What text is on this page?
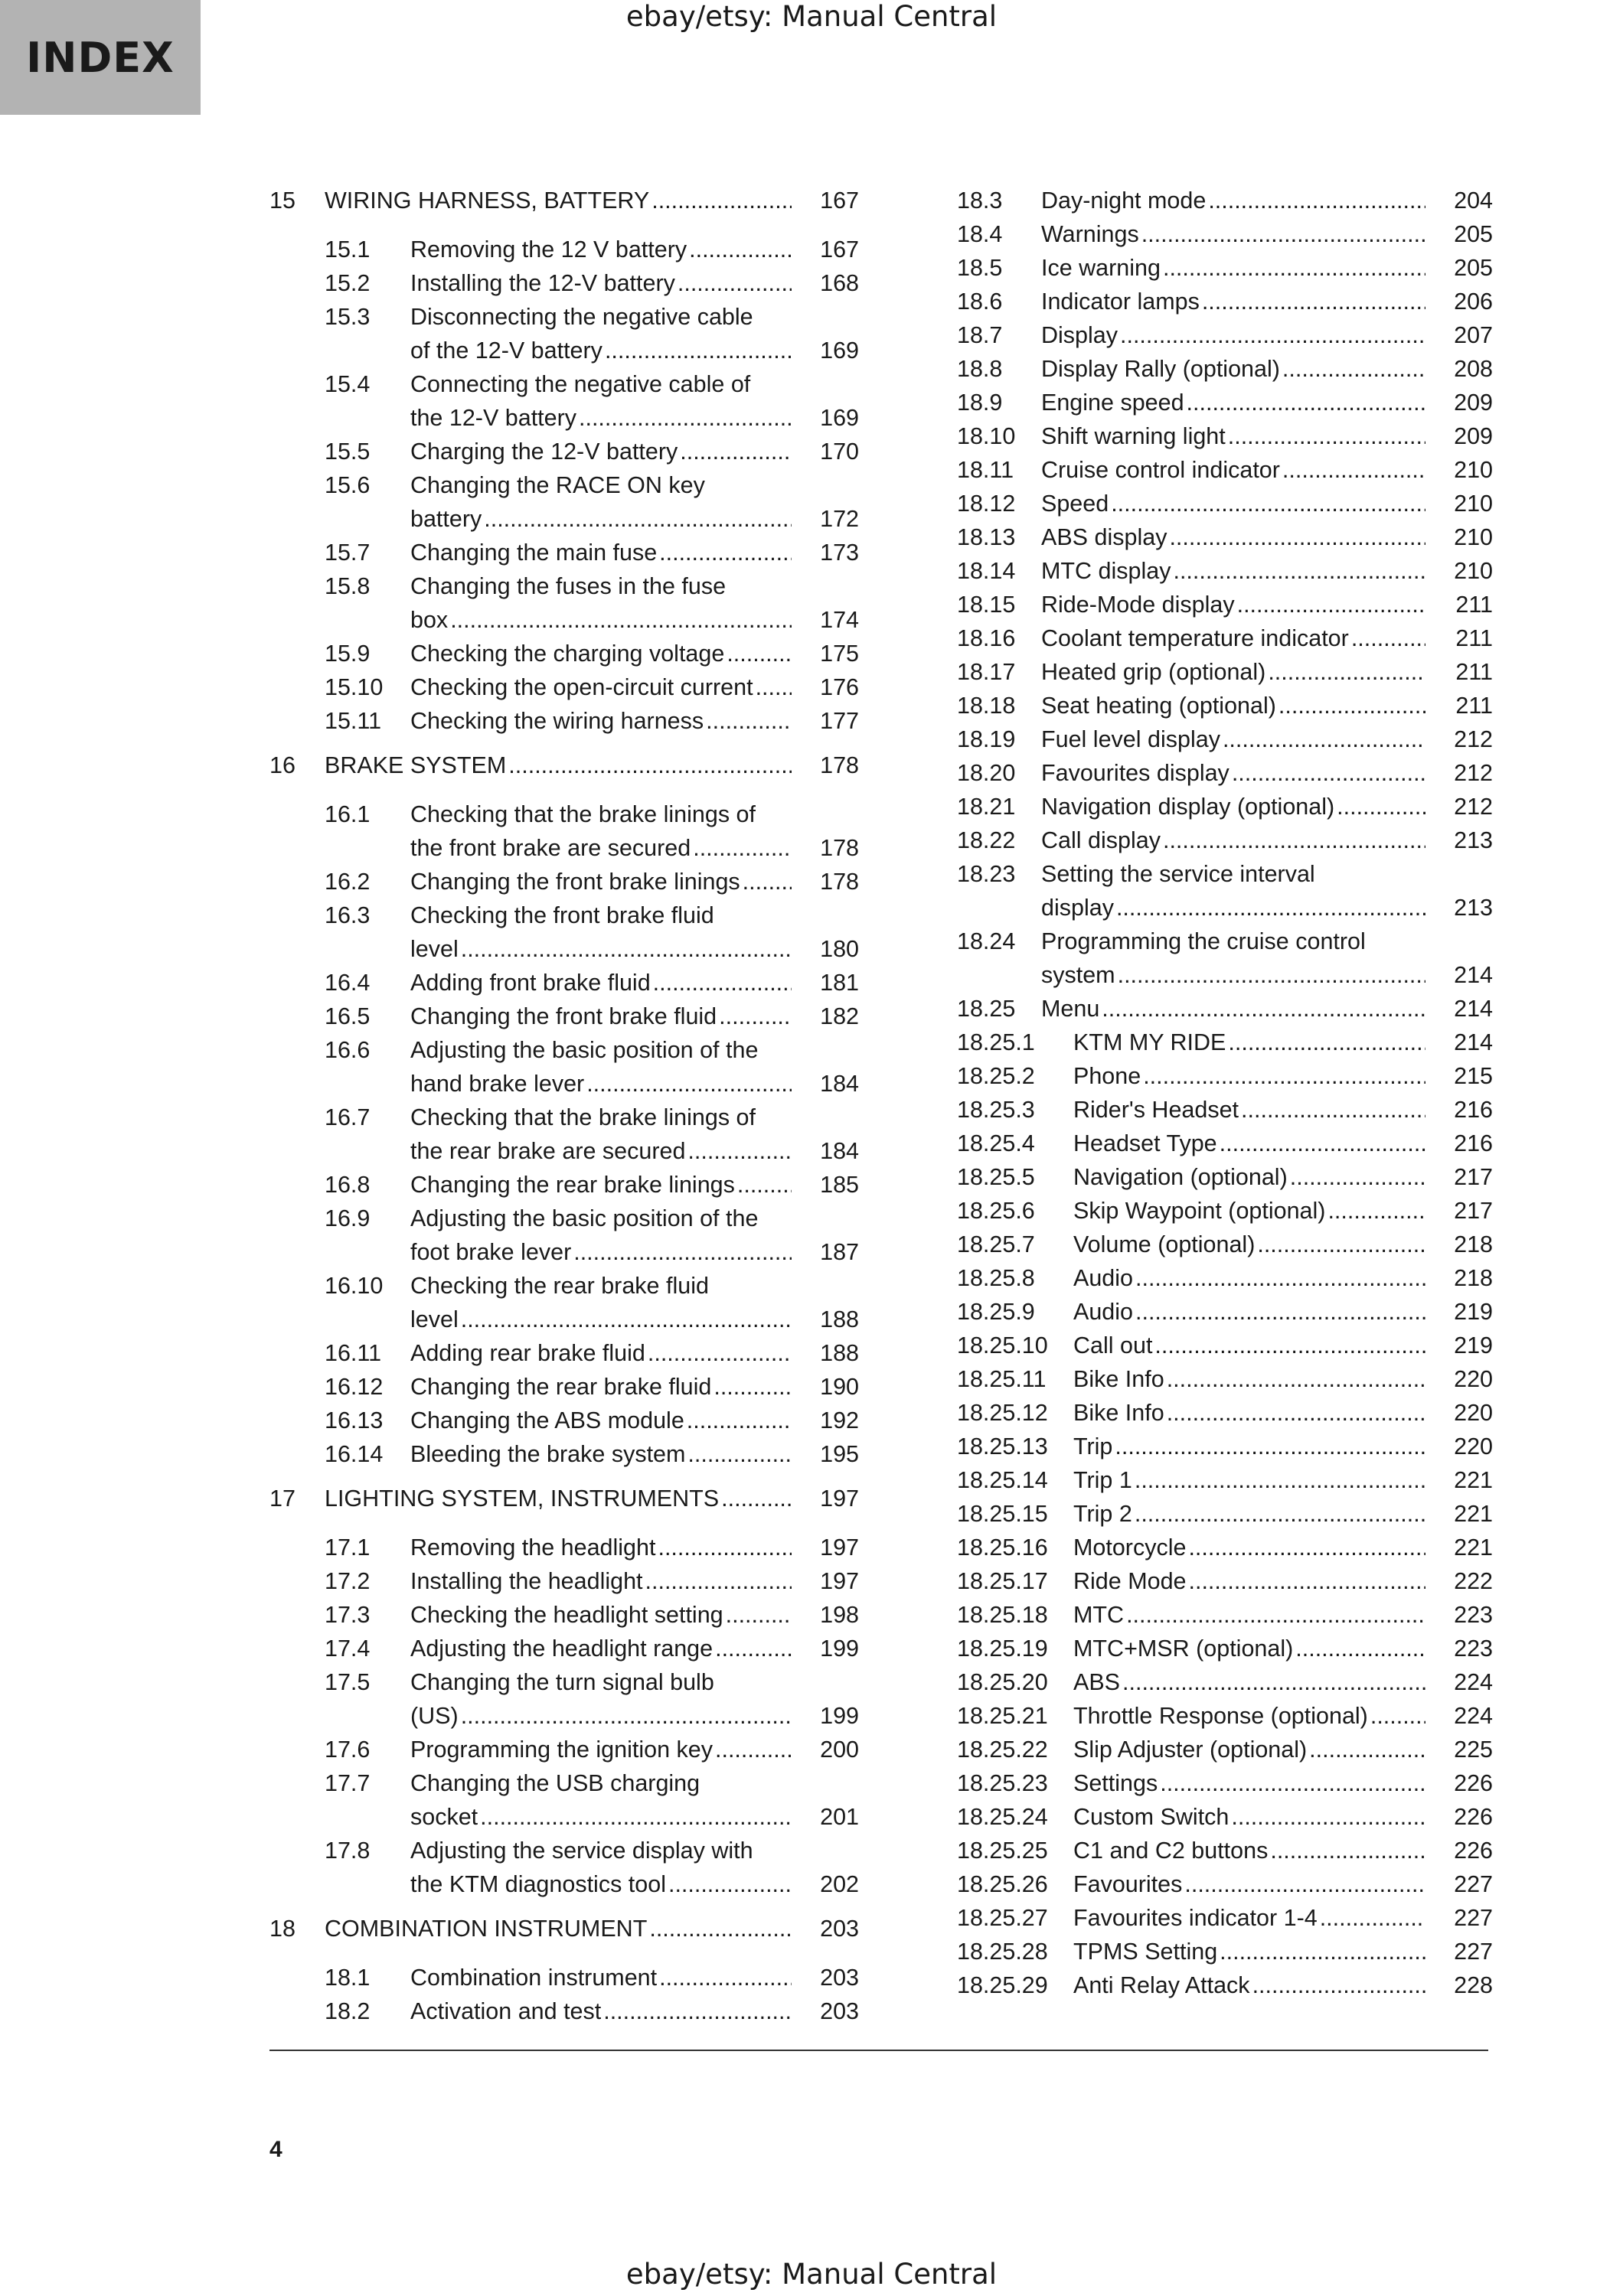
INDEX
ebay/etsy: Manual Central
15 WIRING HARNESS, BATTERY .....	167
15.1 Removing the 12 V battery .....	167
15.2 Installing the 12-V battery .....	168
15.3 Disconnecting the negative cable
of the 12-V battery .....	169
15.4 Connecting the negative cable of
the 12-V battery .....	169
15.5 Charging the 12-V battery .....	170
15.6 Changing the RACE ON key
battery .....	172
15.7 Changing the main fuse .....	173
15.8 Changing the fuses in the fuse
box .....	174
15.9 Checking the charging voltage .....	175
15.10 Checking the open-circuit current .....	176
15.11 Checking the wiring harness .....	177
16 BRAKE SYSTEM .....	178
16.1 Checking that the brake linings of
the front brake are secured .....	178
16.2 Changing the front brake linings .....	178
16.3 Checking the front brake fluid
level .....	180
16.4 Adding front brake fluid .....	181
16.5 Changing the front brake fluid .....	182
16.6 Adjusting the basic position of the
hand brake lever .....	184
16.7 Checking that the brake linings of
the rear brake are secured .....	184
16.8 Changing the rear brake linings .....	185
16.9 Adjusting the basic position of the
foot brake lever .....	187
16.10 Checking the rear brake fluid
level .....	188
16.11 Adding rear brake fluid .....	188
16.12 Changing the rear brake fluid .....	190
16.13 Changing the ABS module .....	192
16.14 Bleeding the brake system .....	195
17 LIGHTING SYSTEM, INSTRUMENTS .....	197
17.1 Removing the headlight .....	197
17.2 Installing the headlight .....	197
17.3 Checking the headlight setting .....	198
17.4 Adjusting the headlight range .....	199
17.5 Changing the turn signal bulb
(US) .....	199
17.6 Programming the ignition key .....	200
17.7 Changing the USB charging
socket .....	201
17.8 Adjusting the service display with
the KTM diagnostics tool .....	202
18 COMBINATION INSTRUMENT .....	203
18.1 Combination instrument .....	203
18.2 Activation and test .....	203
18.3 Day-night mode .....	204
18.4 Warnings .....	205
18.5 Ice warning .....	205
18.6 Indicator lamps .....	206
18.7 Display .....	207
18.8 Display Rally (optional) .....	208
18.9 Engine speed .....	209
18.10 Shift warning light .....	209
18.11 Cruise control indicator .....	210
18.12 Speed .....	210
18.13 ABS display .....	210
18.14 MTC display .....	210
18.15 Ride-Mode display .....	211
18.16 Coolant temperature indicator .....	211
18.17 Heated grip (optional) .....	211
18.18 Seat heating (optional) .....	211
18.19 Fuel level display .....	212
18.20 Favourites display .....	212
18.21 Navigation display (optional) .....	212
18.22 Call display .....	213
18.23 Setting the service interval
display .....	213
18.24 Programming the cruise control
system .....	214
18.25 Menu .....	214
18.25.1 KTM MY RIDE .....	214
18.25.2 Phone .....	215
18.25.3 Rider's Headset .....	216
18.25.4 Headset Type .....	216
18.25.5 Navigation (optional) .....	217
18.25.6 Skip Waypoint (optional) .....	217
18.25.7 Volume (optional) .....	218
18.25.8 Audio .....	218
18.25.9 Audio .....	219
18.25.10 Call out .....	219
18.25.11 Bike Info .....	220
18.25.12 Bike Info .....	220
18.25.13 Trip .....	220
18.25.14 Trip 1 .....	221
18.25.15 Trip 2 .....	221
18.25.16 Motorcycle .....	221
18.25.17 Ride Mode .....	222
18.25.18 MTC .....	223
18.25.19 MTC+MSR (optional) .....	223
18.25.20 ABS .....	224
18.25.21 Throttle Response (optional) .....	224
18.25.22 Slip Adjuster (optional) .....	225
18.25.23 Settings .....	226
18.25.24 Custom Switch .....	226
18.25.25 C1 and C2 buttons .....	226
18.25.26 Favourites .....	227
18.25.27 Favourites indicator 1-4 .....	227
18.25.28 TPMS Setting .....	227
18.25.29 Anti Relay Attack .....	228
4
ebay/etsy: Manual Central
